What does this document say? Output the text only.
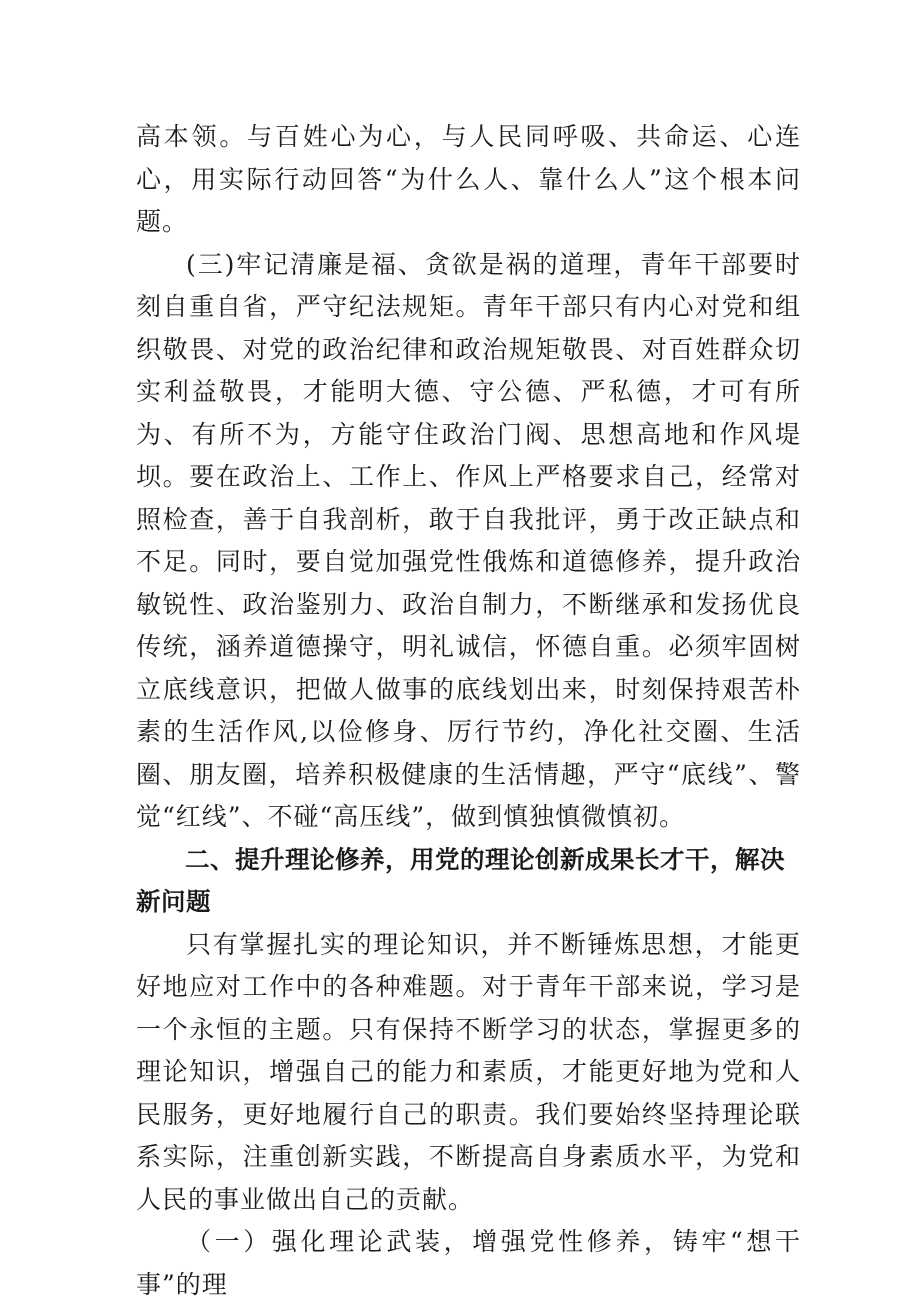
高本领。与百姓心为心，与人民同呼吸、共命运、心连心，用实际行动回答“为什么人、靠什么人”这个根本问题。

(三)牢记清廉是福、贪欲是祸的道理，青年干部要时刻自重自省，严守纪法规矩。青年干部只有内心对党和组织敬畏、对党的政治纪律和政治规矩敬畏、对百姓群众切实利益敬畏，才能明大德、守公德、严私德，才可有所为、有所不为，方能守住政治门阀、思想高地和作风堤坝。要在政治上、工作上、作风上严格要求自己，经常对照检查，善于自我剖析，敢于自我批评，勇于改正缺点和不足。同时，要自觉加强党性俄炼和道德修养，提升政治敏锐性、政治鉴别力、政治自制力，不断继承和发扬优良传统，涵养道德操守，明礼诚信，怀德自重。必须牢固树立底线意识，把做人做事的底线划出来，时刻保持艰苦朴素的生活作风,以俭修身、厉行节约，净化社交圈、生活圈、朋友圈，培养积极健康的生活情趣，严守“底线”、警觉“红线”、不碰“高压线”，做到慎独慎微慎初。

二、提升理论修养，用党的理论创新成果长才干，解决新问题

只有掌握扎实的理论知识，并不断锤炼思想，才能更好地应对工作中的各种难题。对于青年干部来说，学习是一个永恒的主题。只有保持不断学习的状态，掌握更多的理论知识，增强自己的能力和素质，才能更好地为党和人民服务，更好地履行自己的职责。我们要始终坚持理论联系实际，注重创新实践，不断提高自身素质水平，为党和人民的事业做出自己的贡献。

（一）强化理论武装，增强党性修养，铸牢“想干事”的理
